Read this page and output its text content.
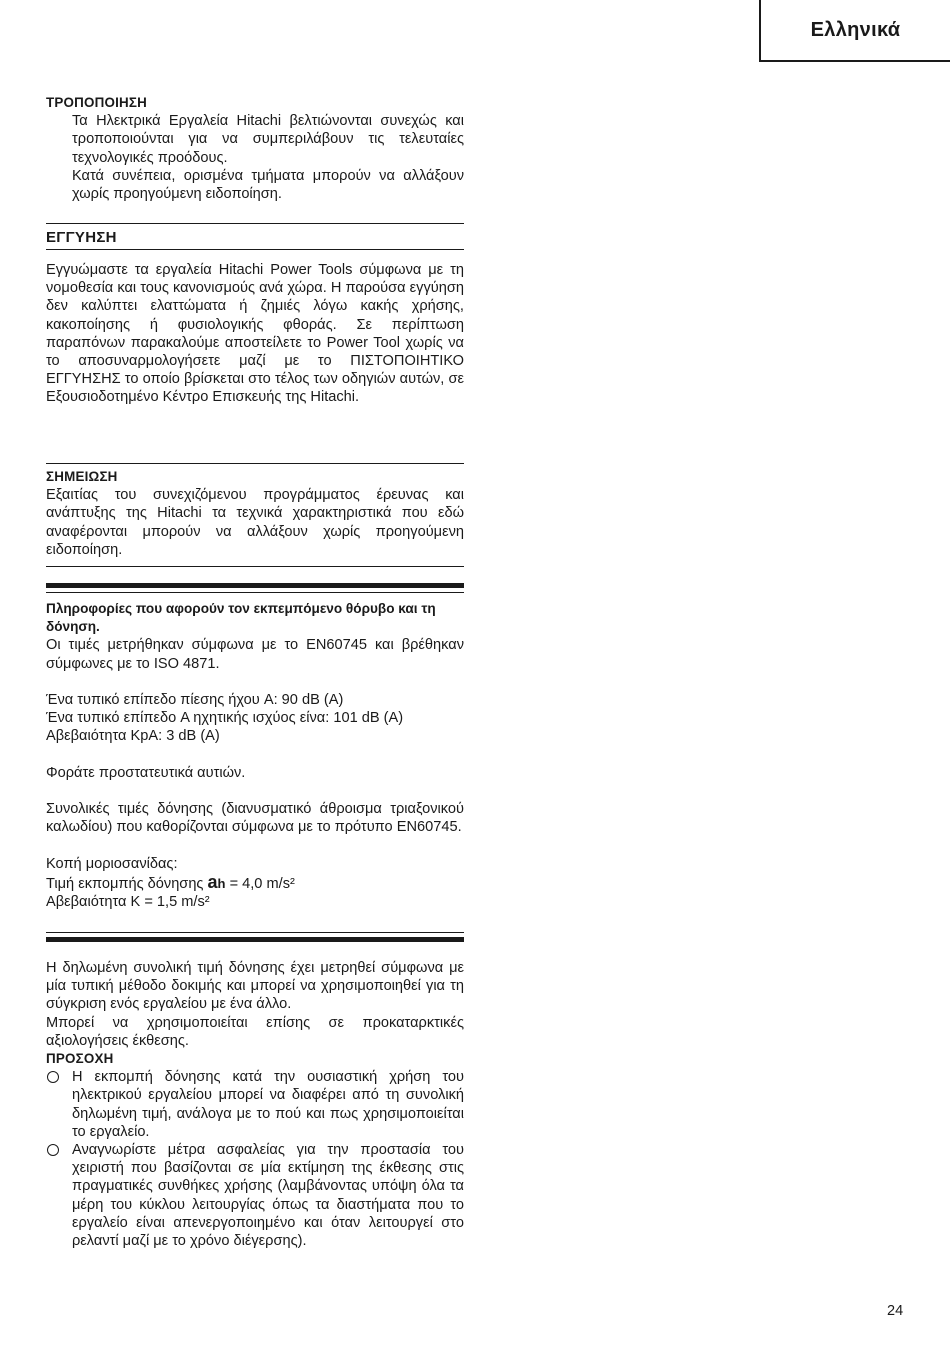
Ελληνικά

ΤΡΟΠΟΠΟΙΗΣΗ

Τα Ηλεκτρικά Εργαλεία Hitachi βελτιώνονται συνεχώς και τροποποιούνται για να συμπεριλάβουν τις τελευταίες τεχνολογικές προόδους.

Κατά συνέπεια, ορισμένα τμήματα μπορούν να αλλάξουν χωρίς προηγούμενη ειδοποίηση.

ΕΓΓΥΗΣΗ

Εγγυώμαστε τα εργαλεία Hitachi Power Tools σύμφωνα με τη νομοθεσία και τους κανονισμούς ανά χώρα. Η παρούσα εγγύηση δεν καλύπτει ελαττώματα ή ζημιές λόγω κακής χρήσης, κακοποίησης ή φυσιολογικής φθοράς. Σε περίπτωση παραπόνων παρακαλούμε αποστείλετε το Power Tool χωρίς να το αποσυναρμολογήσετε μαζί με το ΠΙΣΤΟΠΟΙΗΤΙΚΟ ΕΓΓΥΗΣΗΣ το οποίο βρίσκεται στο τέλος των οδηγιών αυτών, σε Εξουσιοδοτημένο Κέντρο Επισκευής της Hitachi.

ΣΗΜΕΙΩΣΗ

Εξαιτίας του συνεχιζόμενου προγράμματος έρευνας και ανάπτυξης της Hitachi τα τεχνικά χαρακτηριστικά που εδώ αναφέρονται μπορούν να αλλάξουν χωρίς προηγούμενη ειδοποίηση.

Πληροφορίες που αφορούν τον εκπεμπόμενο θόρυβο και τη δόνηση.

Οι τιμές μετρήθηκαν σύμφωνα με το EN60745 και βρέθηκαν σύμφωνες με το ISO 4871.

Ένα τυπικό επίπεδο πίεσης ήχου A: 90 dB (A)

Ένα τυπικό επίπεδο A ηχητικής ισχύος είνα: 101 dB (A)

Αβεβαιότητα KpA: 3 dB (A)

Φοράτε προστατευτικά αυτιών.

Συνολικές τιμές δόνησης (διανυσματικό άθροισμα τριαξονικού καλωδίου) που καθορίζονται σύμφωνα με το πρότυπο EN60745.

Κοπή μοριοσανίδας:

Τιμή εκπομπής δόνησης ah = 4,0 m/s²

Αβεβαιότητα K = 1,5 m/s²

Η δηλωμένη συνολική τιμή δόνησης έχει μετρηθεί σύμφωνα με μία τυπική μέθοδο δοκιμής και μπορεί να χρησιμοποιηθεί για τη σύγκριση ενός εργαλείου με ένα άλλο.

Μπορεί να χρησιμοποιείται επίσης σε προκαταρκτικές αξιολογήσεις έκθεσης.

ΠΡΟΣΟΧΗ

Η εκπομπή δόνησης κατά την ουσιαστική χρήση του ηλεκτρικού εργαλείου μπορεί να διαφέρει από τη συνολική δηλωμένη τιμή, ανάλογα με το πού και πως χρησιμοποιείται το εργαλείο.

Αναγνωρίστε μέτρα ασφαλείας για την προστασία του χειριστή που βασίζονται σε μία εκτίμηση της έκθεσης στις πραγματικές συνθήκες χρήσης (λαμβάνοντας υπόψη όλα τα μέρη του κύκλου λειτουργίας όπως τα διαστήματα που το εργαλείο είναι απενεργοποιημένο και όταν λειτουργεί στο ρελαντί μαζί με το χρόνο διέγερσης).

24
